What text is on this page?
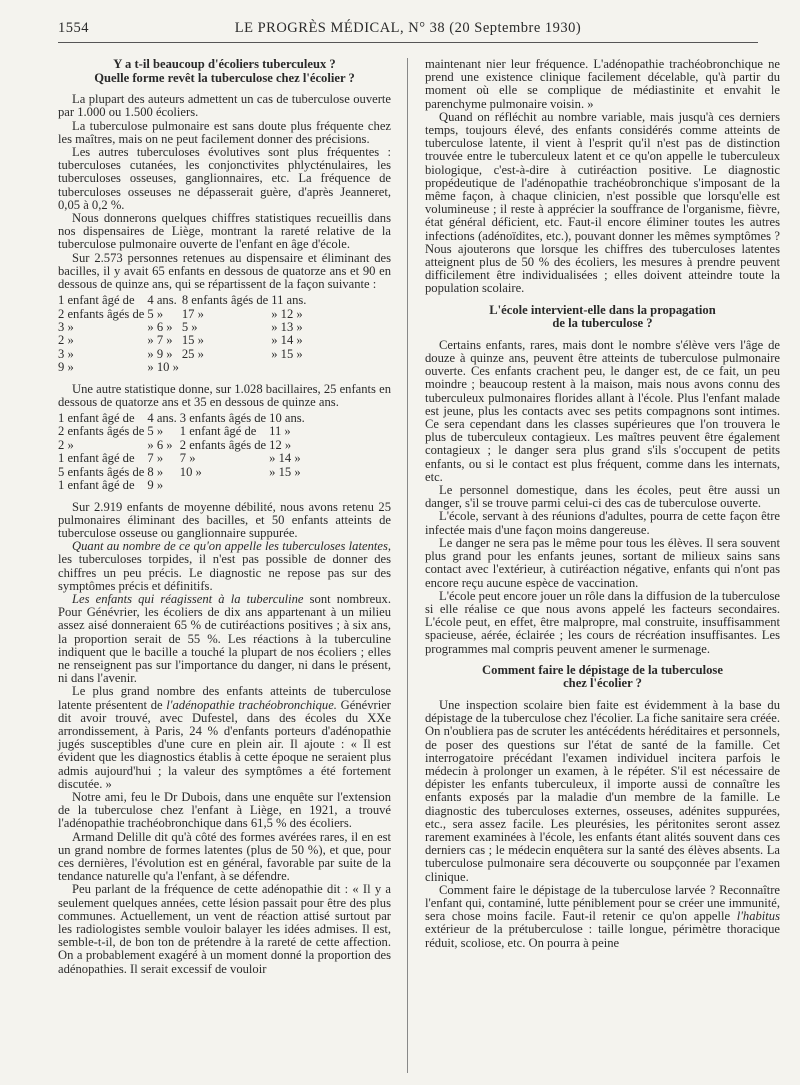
1554	LE PROGRÈS MÉDICAL, N° 38 (20 Septembre 1930)
Y a t-il beaucoup d'écoliers tuberculeux ?
Quelle forme revêt la tuberculose chez l'écolier ?

La plupart des auteurs admettent un cas de tuberculose ouverte par 1.000 ou 1.500 écoliers.

La tuberculose pulmonaire est sans doute plus fréquente chez les maîtres, mais on ne peut facilement donner des précisions.

Les autres tuberculoses évolutives sont plus fréquentes : tuberculoses cutanées, les conjonctivites phlycténulaires, les tuberculoses osseuses, ganglionnaires, etc. La fréquence de tuberculoses osseuses ne dépasserait guère, d'après Jeanneret, 0,05 à 0,2 %.

Nous donnerons quelques chiffres statistiques recueillis dans nos dispensaires de Liège, montrant la rareté relative de la tuberculose pulmonaire ouverte de l'enfant en âge d'école.

Sur 2.573 personnes retenues au dispensaire et éliminant des bacilles, il y avait 65 enfants en dessous de quatorze ans et 90 en dessous de quinze ans, qui se répartissent de la façon suivante :

1 enfant âgé de	4 ans.	8 enfants âgés de	11 ans.
2 enfants âgés de	5 »	17 »	» 12 »
3 »	» 6 »	5 »	» 13 »
2 »	» 7 »	15 »	» 14 »
3 »	» 9 »	25 »	» 15 »
9 »	» 10 »		

Une autre statistique donne, sur 1.028 bacillaires, 25 enfants en dessous de quatorze ans et 35 en dessous de quinze ans.

1 enfant âgé de	4 ans.	3 enfants âgés de	10 ans.
2 enfants âgés de	5 »	1 enfant âgé de	11 »
2 »	» 6 »	2 enfants âgés de	12 »
1 enfant âgé de	7 »	7 »	» 14 »
5 enfants âgés de	8 »	10 »	» 15 »
1 enfant âgé de	9 »		

Sur 2.919 enfants de moyenne débilité, nous avons retenu 25 pulmonaires éliminant des bacilles, et 50 enfants atteints de tuberculose osseuse ou ganglionnaire suppurée.

Quant au nombre de ce qu'on appelle les tuberculoses latentes, les tuberculoses torpides, il n'est pas possible de donner des chiffres un peu précis. Le diagnostic ne repose pas sur des symptômes précis et définitifs.

Les enfants qui réagissent à la tuberculine sont nombreux. Pour Génévrier, les écoliers de dix ans appartenant à un milieu assez aisé donneraient 65 % de cutiréactions positives ; à six ans, la proportion serait de 55 %. Les réactions à la tuberculine indiquent que le bacille a touché la plupart de nos écoliers ; elles ne renseignent pas sur l'importance du danger, ni dans le présent, ni dans l'avenir.

Le plus grand nombre des enfants atteints de tuberculose latente présentent de l'adénopathie trachéobronchique. Génévrier dit avoir trouvé, avec Dufestel, dans des écoles du XXe arrondissement, à Paris, 24 % d'enfants porteurs d'adénopathie jugés susceptibles d'une cure en plein air. Il ajoute : « Il est évident que les diagnostics établis à cette époque ne seraient plus admis aujourd'hui ; la valeur des symptômes a été fortement discutée. »

Notre ami, feu le Dr Dubois, dans une enquête sur l'extension de la tuberculose chez l'enfant à Liège, en 1921, a trouvé l'adénopathie trachéobronchique dans 61,5 % des écoliers.

Armand Delille dit qu'à côté des formes avérées rares, il en est un grand nombre de formes latentes (plus de 50 %), et que, pour ces dernières, l'évolution est en général, favorable par suite de la tendance naturelle qu'a l'enfant, à se défendre.

Peu parlant de la fréquence de cette adénopathie dit : « Il y a seulement quelques années, cette lésion passait pour être des plus communes. Actuellement, un vent de réaction attisé surtout par les radiologistes semble vouloir balayer les idées admises. Il est, semble-t-il, de bon ton de prétendre à la rareté de cette affection. On a probablement exagéré à un moment donné la proportion des adénopathies. Il serait excessif de vouloir

maintenant nier leur fréquence. L'adénopathie trachéobronchique ne prend une existence clinique facilement décelable, qu'à partir du moment où elle se complique de médiastinite et envahit le parenchyme pulmonaire voisin. »

Quand on réfléchit au nombre variable, mais jusqu'à ces derniers temps, toujours élevé, des enfants considérés comme atteints de tuberculose latente, il vient à l'esprit qu'il n'est pas de distinction trouvée entre le tuberculeux latent et ce qu'on appelle le tuberculeux biologique, c'est-à-dire à cutiréaction positive. Le diagnostic propédeutique de l'adénopathie trachéobronchique s'imposant de la même façon, à chaque clinicien, n'est possible que lorsqu'elle est volumineuse ; il reste à apprécier la souffrance de l'organisme, fièvre, état général déficient, etc. Faut-il encore éliminer toutes les autres infections (adénoïdites, etc.), pouvant donner les mêmes symptômes ? Nous ajouterons que lorsque les chiffres des tuberculoses latentes atteignent plus de 50 % des écoliers, les mesures à prendre peuvent difficilement être individualisées ; elles doivent atteindre toute la population scolaire.

L'école intervient-elle dans la propagation
de la tuberculose ?

Certains enfants, rares, mais dont le nombre s'élève vers l'âge de douze à quinze ans, peuvent être atteints de tuberculose pulmonaire ouverte. Ces enfants crachent peu, le danger est, de ce fait, un peu moindre ; beaucoup restent à la maison, mais nous avons connu des tuberculeux pulmonaires florides allant à l'école. Plus l'enfant malade est jeune, plus les contacts avec ses petits compagnons sont intimes. Ce sera cependant dans les classes supérieures que l'on trouvera le plus de tuberculeux contagieux. Les maîtres peuvent être également contagieux ; le danger sera plus grand s'ils s'occupent de petits enfants, ou si le contact est plus fréquent, comme dans les internats, etc.

Le personnel domestique, dans les écoles, peut être aussi un danger, s'il se trouve parmi celui-ci des cas de tuberculose ouverte.

L'école, servant à des réunions d'adultes, pourra de cette façon être infectée mais d'une façon moins dangereuse.

Le danger ne sera pas le même pour tous les élèves. Il sera souvent plus grand pour les enfants jeunes, sortant de milieux sains sans contact avec l'extérieur, à cutiréaction négative, enfants qui n'ont pas encore reçu aucune espèce de vaccination.

L'école peut encore jouer un rôle dans la diffusion de la tuberculose si elle réalise ce que nous avons appelé les facteurs secondaires. L'école peut, en effet, être malpropre, mal construite, insuffisamment spacieuse, aérée, éclairée ; les cours de récréation insuffisantes. Les programmes mal compris peuvent amener le surmenage.

Comment faire le dépistage de la tuberculose
chez l'écolier ?

Une inspection scolaire bien faite est évidemment à la base du dépistage de la tuberculose chez l'écolier. La fiche sanitaire sera créée. On n'oubliera pas de scruter les antécédents héréditaires et personnels, de poser des questions sur l'état de santé de la famille. Cet interrogatoire précédant l'examen individuel incitera parfois le médecin à prolonger un examen, à le répéter. S'il est nécessaire de dépister les enfants tuberculeux, il importe aussi de connaître les enfants exposés par la maladie d'un membre de la famille. Le diagnostic des tuberculoses externes, osseuses, adénites suppurées, etc., sera assez facile. Les pleurésies, les péritonites seront assez rarement examinées à l'école, les enfants étant alités souvent dans ces derniers cas ; le médecin enquêtera sur la santé des élèves absents. La tuberculose pulmonaire sera découverte ou soupçonnée par l'examen clinique.

Comment faire le dépistage de la tuberculose larvée ? Reconnaître l'enfant qui, contaminé, lutte péniblement pour se créer une immunité, sera chose moins facile. Faut-il retenir ce qu'on appelle l'habitus extérieur de la prétuberculose : taille longue, périmètre thoracique réduit, scoliose, etc. On pourra à peine
